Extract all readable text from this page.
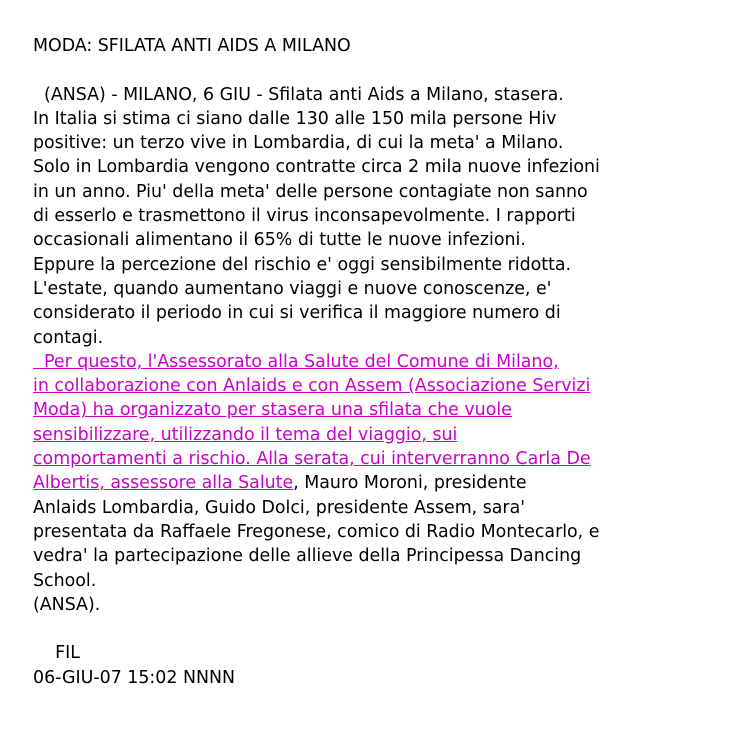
MODA: SFILATA ANTI AIDS A MILANO
(ANSA) - MILANO, 6 GIU - Sfilata anti Aids a Milano, stasera.
In Italia si stima ci siano dalle 130 alle 150 mila persone Hiv
positive: un terzo vive in Lombardia, di cui la meta' a Milano.
Solo in Lombardia vengono contratte circa 2 mila nuove infezioni
in un anno. Piu' della meta' delle persone contagiate non sanno
di esserlo e trasmettono il virus inconsapevolmente. I rapporti
occasionali alimentano il 65% di tutte le nuove infezioni.
Eppure la percezione del rischio e' oggi sensibilmente ridotta.
L'estate, quando aumentano viaggi e nuove conoscenze, e'
considerato il periodo in cui si verifica il maggiore numero di
contagi.
Per questo, l'Assessorato alla Salute del Comune di Milano,
in collaborazione con Anlaids e con Assem (Associazione Servizi
Moda) ha organizzato per stasera una sfilata che vuole
sensibilizzare, utilizzando il tema del viaggio, sui
comportamenti a rischio. Alla serata, cui interverranno Carla De
Albertis, assessore alla Salute, Mauro Moroni, presidente
Anlaids Lombardia, Guido Dolci, presidente Assem, sara'
presentata da Raffaele Fregonese, comico di Radio Montecarlo, e
vedra' la partecipazione delle allieve della Principessa Dancing
School.
(ANSA).
FIL
06-GIU-07 15:02 NNNN
